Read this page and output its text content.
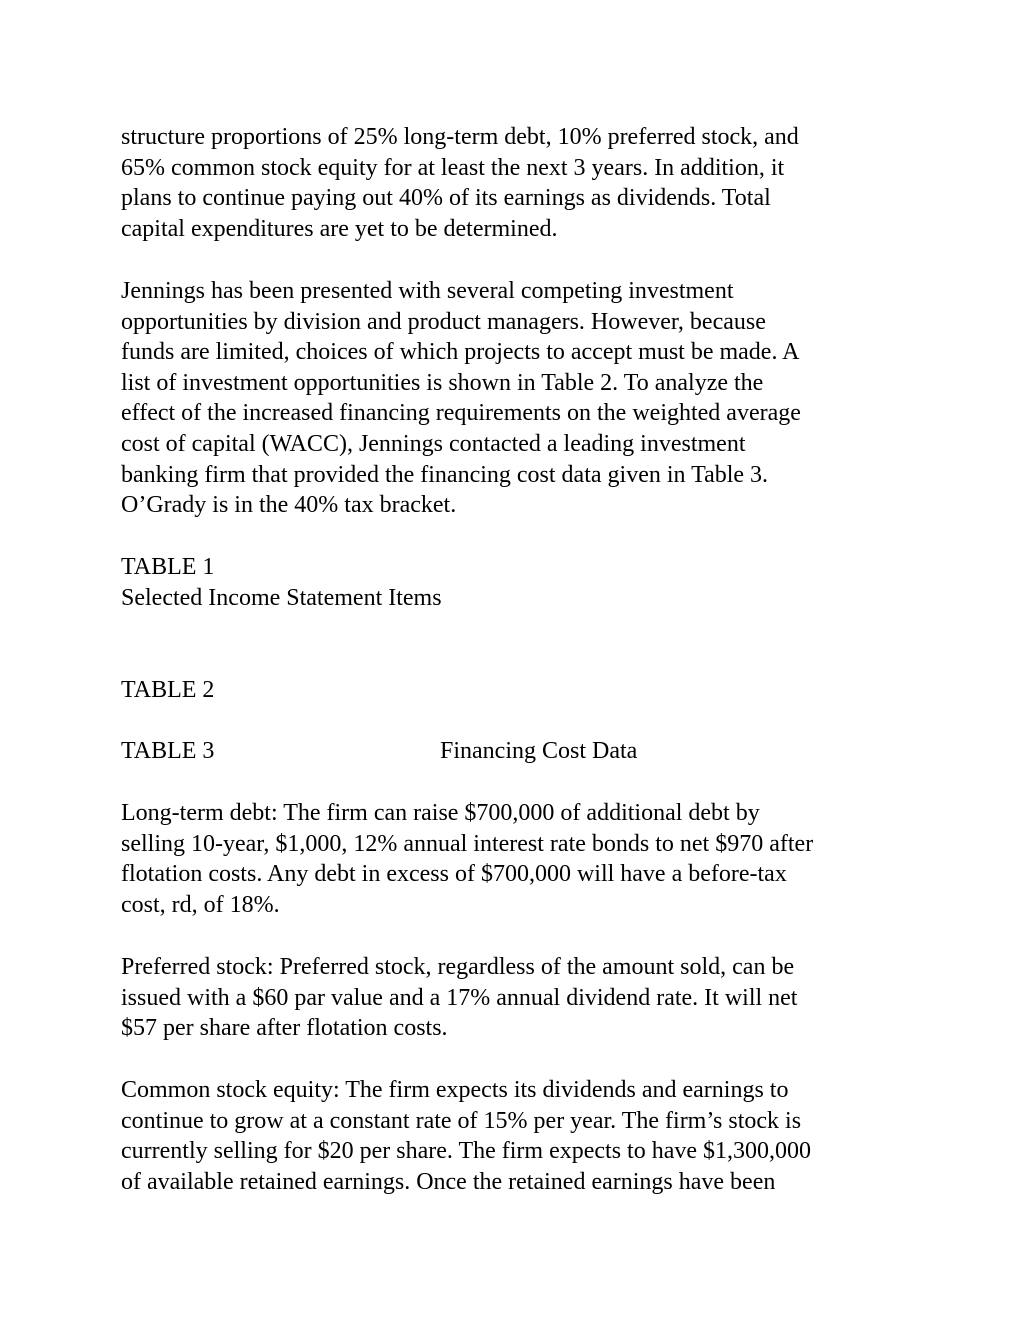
structure proportions of 25% long-term debt, 10% preferred stock, and
65% common stock equity for at least the next 3 years. In addition, it
plans to continue paying out 40% of its earnings as dividends. Total
capital expenditures are yet to be determined.

Jennings has been presented with several competing investment
opportunities by division and product managers. However, because
funds are limited, choices of which projects to accept must be made. A
list of investment opportunities is shown in Table 2. To analyze the
effect of the increased financing requirements on the weighted average
cost of capital (WACC), Jennings contacted a leading investment
banking firm that provided the financing cost data given in Table 3.
O’Grady is in the 40% tax bracket.

TABLE 1

Selected Income Statement Items

TABLE 2

TABLE 3	Financing Cost Data

Long-term debt: The firm can raise $700,000 of additional debt by
selling 10-year, $1,000, 12% annual interest rate bonds to net $970 after
flotation costs. Any debt in excess of $700,000 will have a before-tax
cost, rd, of 18%.

Preferred stock: Preferred stock, regardless of the amount sold, can be
issued with a $60 par value and a 17% annual dividend rate. It will net
$57 per share after flotation costs.

Common stock equity: The firm expects its dividends and earnings to
continue to grow at a constant rate of 15% per year. The firm’s stock is
currently selling for $20 per share. The firm expects to have $1,300,000
of available retained earnings. Once the retained earnings have been
